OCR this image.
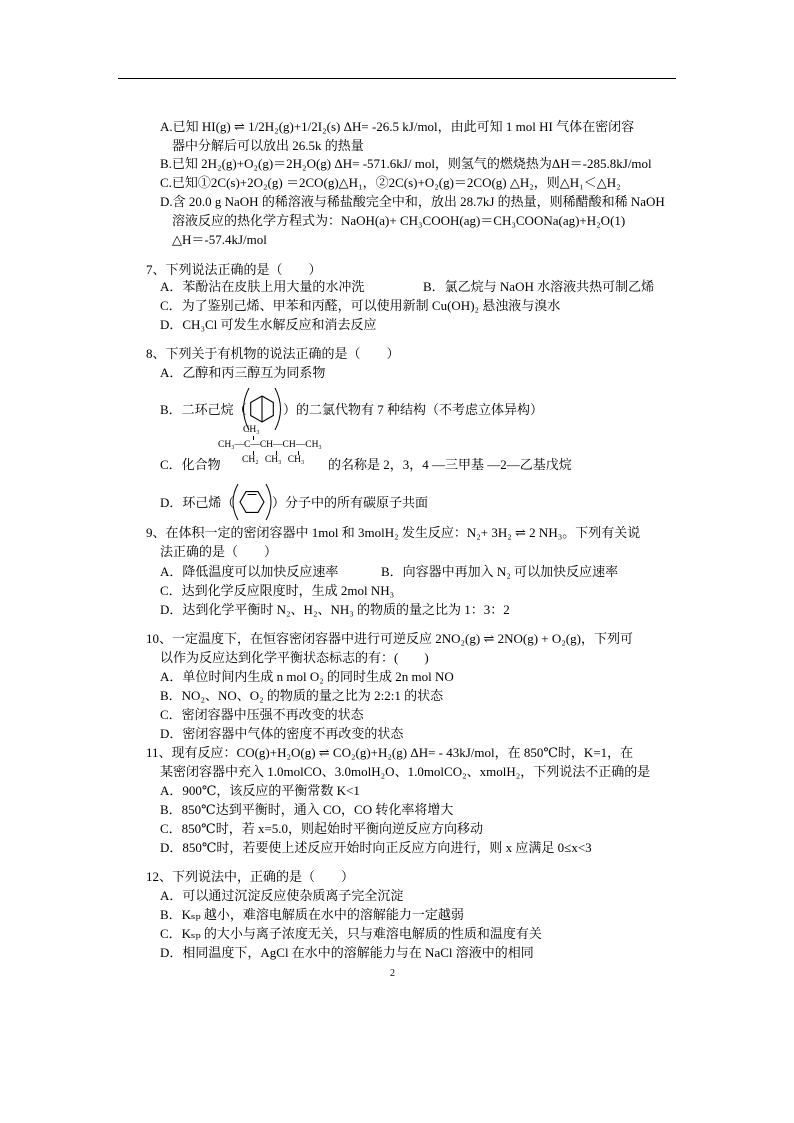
A.已知 HI(g) ⇌ 1/2H₂(g)+1/2I₂(s) ΔH= -26.5 kJ/mol，由此可知 1 mol HI 气体在密闭容
器中分解后可以放出 26.5k 的热量
B.已知 2H₂(g)+O₂(g)＝2H₂O(g) ΔH= -571.6kJ/ mol，则氢气的燃烧热为ΔH＝-285.8kJ/mol
C.已知①2C(s)+2O₂(g) ＝2CO(g)△H₁，②2C(s)+O₂(g)＝2CO(g) △H₂，则△H₁＜△H₂
D.含 20.0 g NaOH 的稀溶液与稀盐酸完全中和，放出 28.7kJ 的热量，则稀醋酸和稀 NaOH
溶液反应的热化学方程式为：NaOH(a)+ CH₃COOH(ag)＝CH₃COONa(ag)+H₂O(1)
△H＝-57.4kJ/mol
7、下列说法正确的是（　　）
A．苯酚沾在皮肤上用大量的水冲洗	B．氯乙烷与 NaOH 水溶液共热可制乙烯
C．为了鉴别己烯、甲苯和丙醛，可以使用新制 Cu(OH)₂ 悬浊液与溴水
D．CH₃Cl 可发生水解反应和消去反应
8、下列关于有机物的说法正确的是（　　）
A．乙醇和丙三醇互为同系物
B．二环己烷（	）的二氯代物有 7 种结构（不考虑立体异构）
C．化合物
CH₃
CH₃—C—CH—CH—CH₃
CH₂ CH₃ CH₃ 的名称是 2，3，4 —三甲基 —2—乙基戊烷
D．环己烯（	）分子中的所有碳原子共面
9、在体积一定的密闭容器中 1mol 和 3molH₂ 发生反应：N₂+ 3H₂ ⇌ 2 NH₃。下列有关说
法正确的是（　　）
A．降低温度可以加快反应速率	B．向容器中再加入 N₂ 可以加快反应速率
C．达到化学反应限度时，生成 2mol NH₃
D．达到化学平衡时 N₂、H₂、NH₃ 的物质的量之比为 1：3：2
10、一定温度下，在恒容密闭容器中进行可逆反应 2NO₂(g) ⇌ 2NO(g) + O₂(g)，下列可
以作为反应达到化学平衡状态标志的有：(　　)
A．单位时间内生成 n mol O₂ 的同时生成 2n mol NO
B．NO₂、NO、O₂ 的物质的量之比为 2:2:1 的状态
C．密闭容器中压强不再改变的状态
D．密闭容器中气体的密度不再改变的状态
11、现有反应：CO(g)+H₂O(g) ⇌ CO₂(g)+H₂(g) ΔH= - 43kJ/mol，在 850℃时，K=1，在
某密闭容器中充入 1.0molCO、3.0molH₂O、1.0molCO₂、xmolH₂，下列说法不正确的是
A．900℃，该反应的平衡常数 K<1
B．850℃达到平衡时，通入 CO，CO 转化率将增大
C．850℃时，若 x=5.0，则起始时平衡向逆反应方向移动
D．850℃时，若要使上述反应开始时向正反应方向进行，则 x 应满足 0≤x<3
12、下列说法中，正确的是（　　）
A．可以通过沉淀反应使杂质离子完全沉淀
B．Kₛₚ 越小，难溶电解质在水中的溶解能力一定越弱
C．Kₛₚ 的大小与离子浓度无关，只与难溶电解质的性质和温度有关
D．相同温度下，AgCl 在水中的溶解能力与在 NaCl 溶液中的相同
2
